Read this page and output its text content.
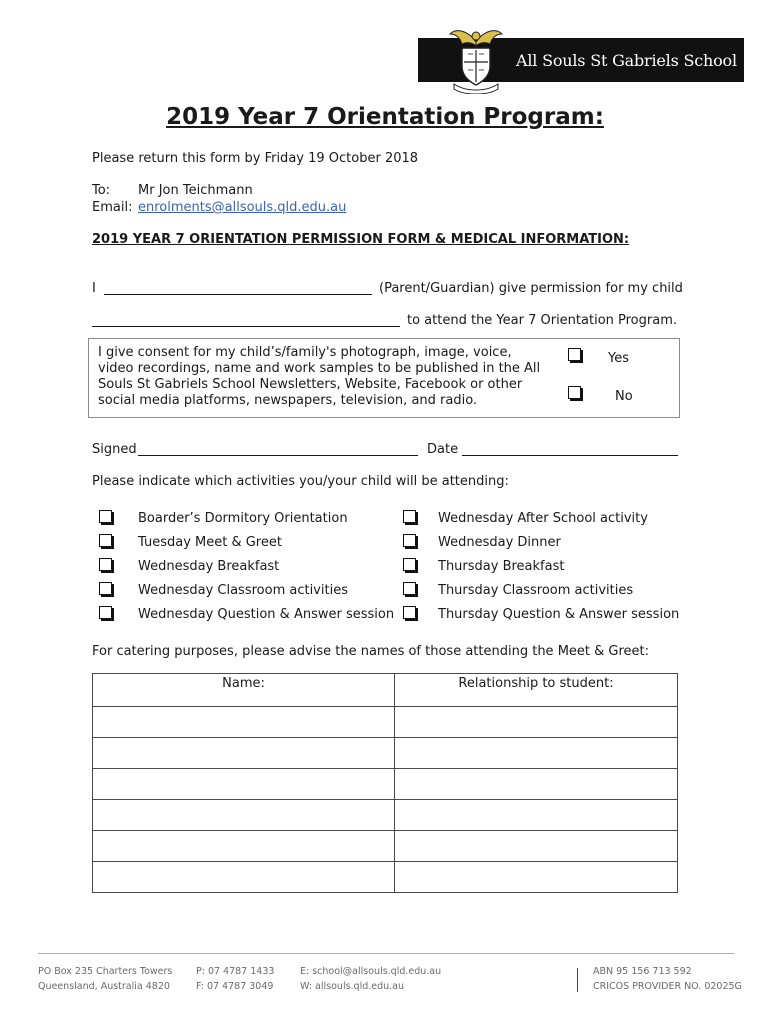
All Souls St Gabriels School
2019 Year 7 Orientation Program:
Please return this form by Friday 19 October 2018
To: Mr Jon Teichmann
Email: enrolments@allsouls.qld.edu.au
2019 YEAR 7 ORIENTATION PERMISSION FORM & MEDICAL INFORMATION:
I	(Parent/Guardian) give permission for my child
to attend the Year 7 Orientation Program.
I give consent for my child’s/family's photograph, image, voice, video recordings, name and work samples to be published in the All Souls St Gabriels School Newsletters, Website, Facebook or other social media platforms, newspapers, television, and radio.
Yes
No
Signed	Date
Please indicate which activities you/your child will be attending:
Boarder’s Dormitory Orientation
Tuesday Meet & Greet
Wednesday Breakfast
Wednesday Classroom activities
Wednesday Question & Answer session
Wednesday After School activity
Wednesday Dinner
Thursday Breakfast
Thursday Classroom activities
Thursday Question & Answer session
For catering purposes, please advise the names of those attending the Meet & Greet:
Name:	Relationship to student:

PO Box 235 Charters Towers
Queensland, Australia 4820
P: 07 4787 1433
F: 07 4787 3049
E: school@allsouls.qld.edu.au
W: allsouls.qld.edu.au
ABN 95 156 713 592
CRICOS PROVIDER NO. 02025G
